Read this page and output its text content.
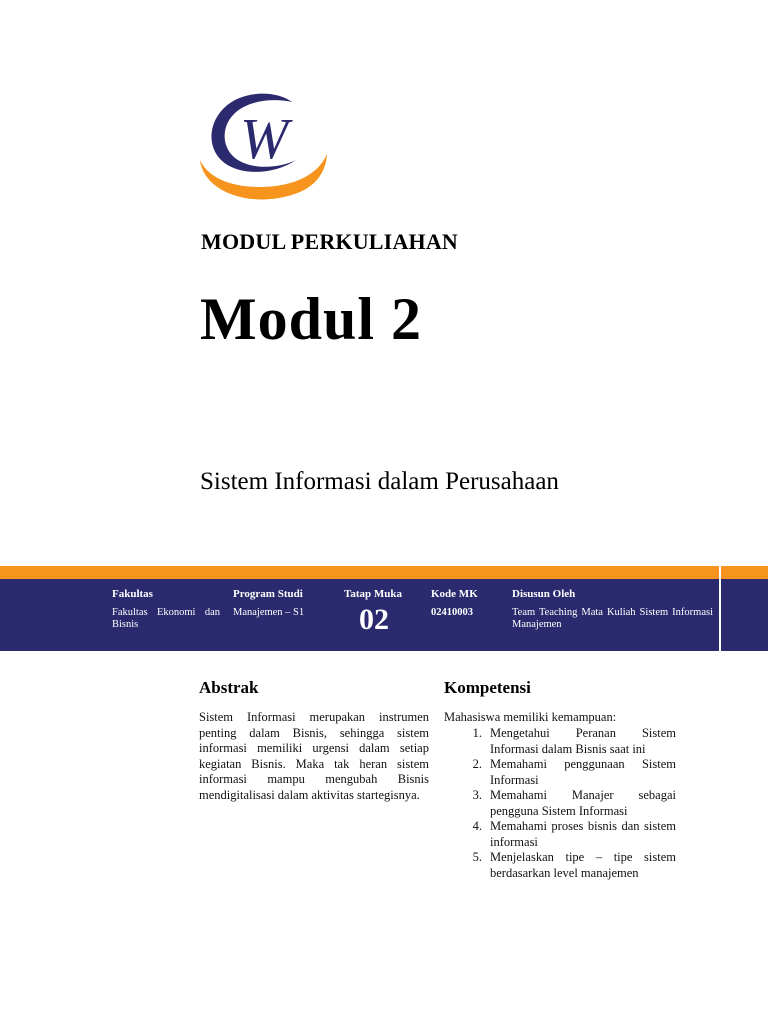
W
MODUL PERKULIAHAN
Modul 2
Sistem Informasi dalam Perusahaan
Fakultas
Fakultas Ekonomi dan Bisnis
Program Studi
Manajemen – S1
Tatap Muka
02
Kode MK
02410003
Disusun Oleh
Team Teaching Mata Kuliah Sistem Informasi Manajemen
Abstrak
Sistem Informasi merupakan instrumen penting dalam Bisnis, sehingga sistem informasi memiliki urgensi dalam setiap kegiatan Bisnis. Maka tak heran sistem informasi mampu mengubah Bisnis mendigitalisasi dalam aktivitas startegisnya.
Kompetensi
Mahasiswa memiliki kemampuan:
1. Mengetahui Peranan Sistem Informasi dalam Bisnis saat ini
2. Memahami penggunaan Sistem Informasi
3. Memahami Manajer sebagai pengguna Sistem Informasi
4. Memahami proses bisnis dan sistem informasi
5. Menjelaskan tipe – tipe sistem berdasarkan level manajemen
